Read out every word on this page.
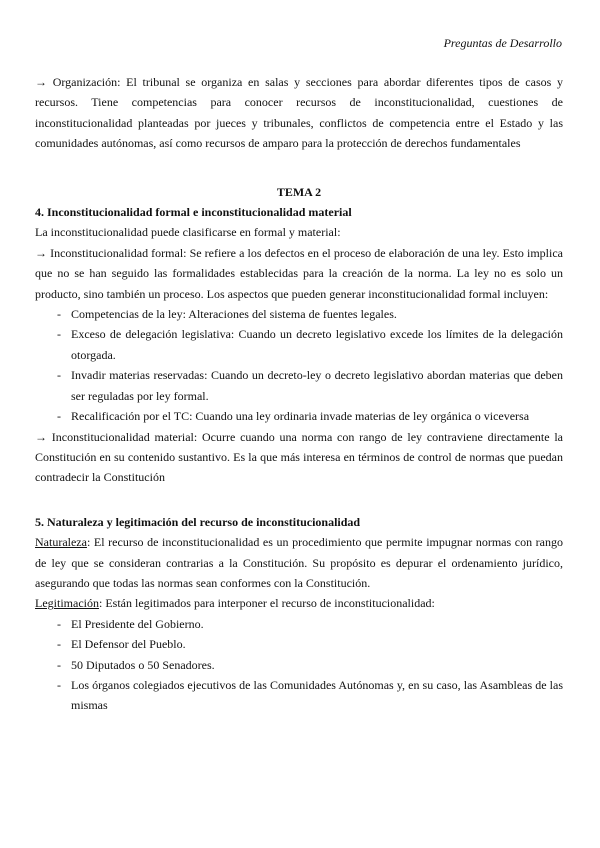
Preguntas de Desarrollo

→ Organización: El tribunal se organiza en salas y secciones para abordar diferentes tipos de casos y recursos. Tiene competencias para conocer recursos de inconstitucionalidad, cuestiones de inconstitucionalidad planteadas por jueces y tribunales, conflictos de competencia entre el Estado y las comunidades autónomas, así como recursos de amparo para la protección de derechos fundamentales

TEMA 2

4. Inconstitucionalidad formal e inconstitucionalidad material

La inconstitucionalidad puede clasificarse en formal y material:

→ Inconstitucionalidad formal: Se refiere a los defectos en el proceso de elaboración de una ley. Esto implica que no se han seguido las formalidades establecidas para la creación de la norma. La ley no es solo un producto, sino también un proceso. Los aspectos que pueden generar inconstitucionalidad formal incluyen:

- Competencias de la ley: Alteraciones del sistema de fuentes legales.
- Exceso de delegación legislativa: Cuando un decreto legislativo excede los límites de la delegación otorgada.
- Invadir materias reservadas: Cuando un decreto-ley o decreto legislativo abordan materias que deben ser reguladas por ley formal.
- Recalificación por el TC: Cuando una ley ordinaria invade materias de ley orgánica o viceversa

→ Inconstitucionalidad material: Ocurre cuando una norma con rango de ley contraviene directamente la Constitución en su contenido sustantivo. Es la que más interesa en términos de control de normas que puedan contradecir la Constitución

5. Naturaleza y legitimación del recurso de inconstitucionalidad

Naturaleza: El recurso de inconstitucionalidad es un procedimiento que permite impugnar normas con rango de ley que se consideran contrarias a la Constitución. Su propósito es depurar el ordenamiento jurídico, asegurando que todas las normas sean conformes con la Constitución.

Legitimación: Están legitimados para interponer el recurso de inconstitucionalidad:

- El Presidente del Gobierno.
- El Defensor del Pueblo.
- 50 Diputados o 50 Senadores.
- Los órganos colegiados ejecutivos de las Comunidades Autónomas y, en su caso, las Asambleas de las mismas
